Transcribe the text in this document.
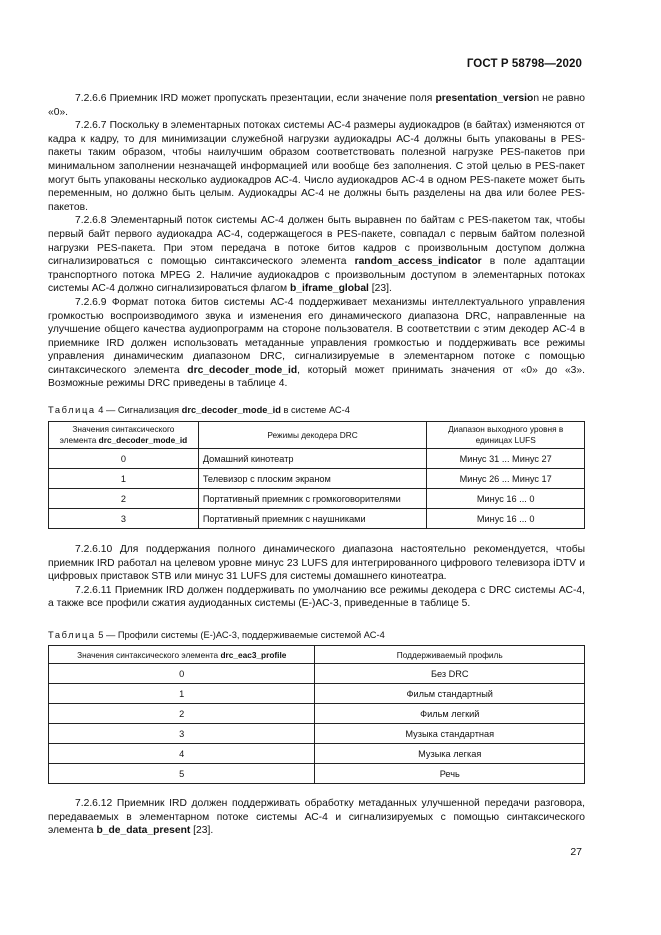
ГОСТ Р 58798—2020

7.2.6.6 Приемник IRD может пропускать презентации, если значение поля presentation_version не равно «0».

7.2.6.7 Поскольку в элементарных потоках системы АС-4 размеры аудиокадров (в байтах) изменяются от кадра к кадру, то для минимизации служебной нагрузки аудиокадры АС-4 должны быть упакованы в PES-пакеты таким образом, чтобы наилучшим образом соответствовать полезной нагрузке PES-пакетов при минимальном заполнении незначащей информацией или вообще без заполнения. С этой целью в PES-пакет могут быть упакованы несколько аудиокадров АС-4. Число аудиокадров АС-4 в одном PES-пакете может быть переменным, но должно быть целым. Аудиокадры АС-4 не должны быть разделены на два или более PES-пакетов.

7.2.6.8 Элементарный поток системы АС-4 должен быть выравнен по байтам с PES-пакетом так, чтобы первый байт первого аудиокадра АС-4, содержащегося в PES-пакете, совпадал с первым байтом полезной нагрузки PES-пакета. При этом передача в потоке битов кадров с произвольным доступом должна сигнализироваться с помощью синтаксического элемента random_access_indicator в поле адаптации транспортного потока MPEG 2. Наличие аудиокадров с произвольным доступом в элементарных потоках системы АС-4 должно сигнализироваться флагом b_iframe_global [23].

7.2.6.9 Формат потока битов системы АС-4 поддерживает механизмы интеллектуального управления громкостью воспроизводимого звука и изменения его динамического диапазона DRC, направленные на улучшение общего качества аудиопрограмм на стороне пользователя. В соответствии с этим декодер АС-4 в приемнике IRD должен использовать метаданные управления громкостью и поддерживать все режимы управления динамическим диапазоном DRC, сигнализируемые в элементарном потоке с помощью синтаксического элемента drc_decoder_mode_id, который может принимать значения от «0» до «3». Возможные режимы DRC приведены в таблице 4.

Таблица 4 — Сигнализация drc_decoder_mode_id в системе АС-4
Значения синтаксического элемента drc_decoder_mode_id	Режимы декодера DRC	Диапазон выходного уровня в единицах LUFS
0	Домашний кинотеатр	Минус 31 ... Минус 27
1	Телевизор с плоским экраном	Минус 26 ... Минус 17
2	Портативный приемник с громкоговорителями	Минус 16 ... 0
3	Портативный приемник с наушниками	Минус 16 ... 0

7.2.6.10 Для поддержания полного динамического диапазона настоятельно рекомендуется, чтобы приемник IRD работал на целевом уровне минус 23 LUFS для интегрированного цифрового телевизора iDTV и цифровых приставок STB или минус 31 LUFS для системы домашнего кинотеатра.

7.2.6.11 Приемник IRD должен поддерживать по умолчанию все режимы декодера с DRC системы АС-4, а также все профили сжатия аудиоданных системы (Е-)АС-3, приведенные в таблице 5.

Таблица 5 — Профили системы (Е-)АС-3, поддерживаемые системой АС-4
Значения синтаксического элемента drc_eac3_profile	Поддерживаемый профиль
0	Без DRC
1	Фильм стандартный
2	Фильм легкий
3	Музыка стандартная
4	Музыка легкая
5	Речь

7.2.6.12 Приемник IRD должен поддерживать обработку метаданных улучшенной передачи разговора, передаваемых в элементарном потоке системы АС-4 и сигнализируемых с помощью синтаксического элемента b_de_data_present [23].

27
